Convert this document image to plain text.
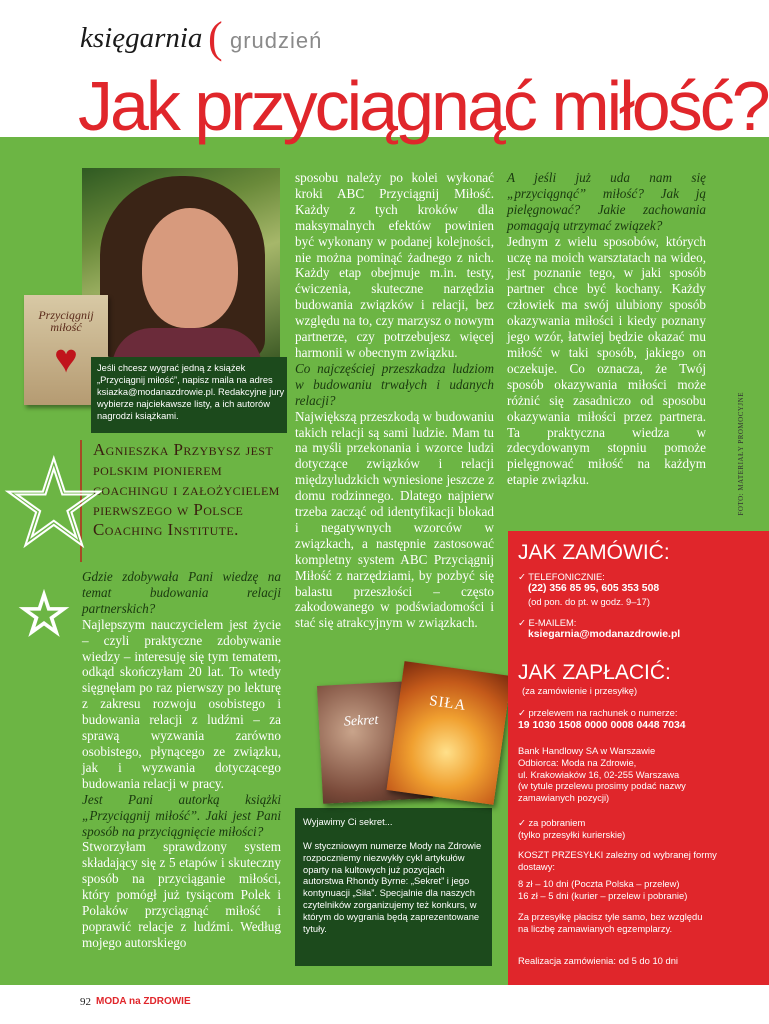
księgarnia ( grudzień
Jak przyciągnąć miłość?
Przyciągnij miłość
♥	Jeśli chcesz wygrać jedną z książek „Przyciągnij miłość”, napisz maila na adres ksiazka@modanazdrowie.pl. Redakcyjne jury wybierze najciekawsze listy, a ich autorów nagrodzi książkami.
Agnieszka Przybysz jest polskim pionierem coachingu i założycielem pierwszego w Polsce Coaching Institute.
☆
☆
Gdzie zdobywała Pani wiedzę na temat budowania relacji partnerskich?
Najlepszym nauczycielem jest życie – czyli praktyczne zdobywanie wiedzy – interesuję się tym tematem, odkąd skończyłam 20 lat. To wtedy sięgnęłam po raz pierwszy po lekturę z zakresu rozwoju osobistego i budowania relacji z ludźmi – za sprawą wyzwania zarówno osobistego, płynącego ze związku, jak i wyzwania dotyczącego budowania relacji w pracy.
Jest Pani autorką książki „Przyciągnij miłość”. Jaki jest Pani sposób na przyciągnięcie miłości?
Stworzyłam sprawdzony system składający się z 5 etapów i skuteczny sposób na przyciąganie miłości, który pomógł już tysiącom Polek i Polaków przyciągnąć miłość i poprawić relacje z ludźmi. Według mojego autorskiego
sposobu należy po kolei wykonać kroki ABC Przyciągnij Miłość. Każdy z tych kroków dla maksymalnych efektów powinien być wykonany w podanej kolejności, nie można pominąć żadnego z nich. Każdy etap obejmuje m.in. testy, ćwiczenia, skuteczne narzędzia budowania związków i relacji, bez względu na to, czy marzysz o nowym partnerze, czy potrzebujesz więcej harmonii w obecnym związku.
Co najczęściej przeszkadza ludziom w budowaniu trwałych i udanych relacji?
Największą przeszkodą w budowaniu takich relacji są sami ludzie. Mam tu na myśli przekonania i wzorce ludzi dotyczące związków i relacji międzyludzkich wyniesione jeszcze z domu rodzinnego. Dlatego najpierw trzeba zacząć od identyfikacji blokad i negatywnych wzorców w związkach, a następnie zastosować kompletny system ABC Przyciągnij Miłość z narzędziami, by pozbyć się balastu przeszłości – często zakodowanego w podświadomości i stać się atrakcyjnym w związkach.
A jeśli już uda nam się „przyciągnąć” miłość? Jak ją pielęgnować? Jakie zachowania pomagają utrzymać związek?
Jednym z wielu sposobów, których uczę na moich warsztatach na wideo, jest poznanie tego, w jaki sposób partner chce być kochany. Każdy człowiek ma swój ulubiony sposób okazywania miłości i kiedy poznany jego wzór, łatwiej będzie okazać mu miłość w taki sposób, jakiego on oczekuje. Co oznacza, że Twój sposób okazywania miłości może różnić się zasadniczo od sposobu okazywania miłości przez partnera. Ta praktyczna wiedza w zdecydowanym stopniu pomoże pielęgnować miłość na każdym etapie związku.	FOTO: MATERIAŁY PROMOCYJNE
Wyjawimy Ci sekret...
W styczniowym numerze Mody na Zdrowie rozpoczniemy niezwykły cykl artykułów oparty na kultowych już pozycjach autorstwa Rhondy Byrne: „Sekret” i jego kontynuacji „Siła”. Specjalnie dla naszych czytelników zorganizujemy też konkurs, w którym do wygrania będą zaprezentowane tytuły.
Sekret
SIŁA
JAK ZAMÓWIĆ:
✓ TELEFONICZNIE:
(22) 356 85 95, 605 353 508
(od pon. do pt. w godz. 9–17)
✓ E-MAILEM:
ksiegarnia@modanazdrowie.pl
JAK ZAPŁACIĆ:
(za zamówienie i przesyłkę)
✓ przelewem na rachunek o numerze:
19 1030 1508 0000 0008 0448 7034
Bank Handlowy SA w Warszawie
Odbiorca: Moda na Zdrowie,
ul. Krakowiaków 16, 02-255 Warszawa
(w tytule przelewu prosimy podać nazwy
zamawianych pozycji)
✓ za pobraniem
(tylko przesyłki kurierskie)
KOSZT PRZESYŁKI zależny od wybranej formy dostawy:
8 zł – 10 dni (Poczta Polska – przelew)
16 zł – 5 dni (kurier – przelew i pobranie)
Za przesyłkę płacisz tyle samo, bez względu na liczbę zamawianych egzemplarzy.
Realizacja zamówienia: od 5 do 10 dni
92 MODA na ZDROWIE
